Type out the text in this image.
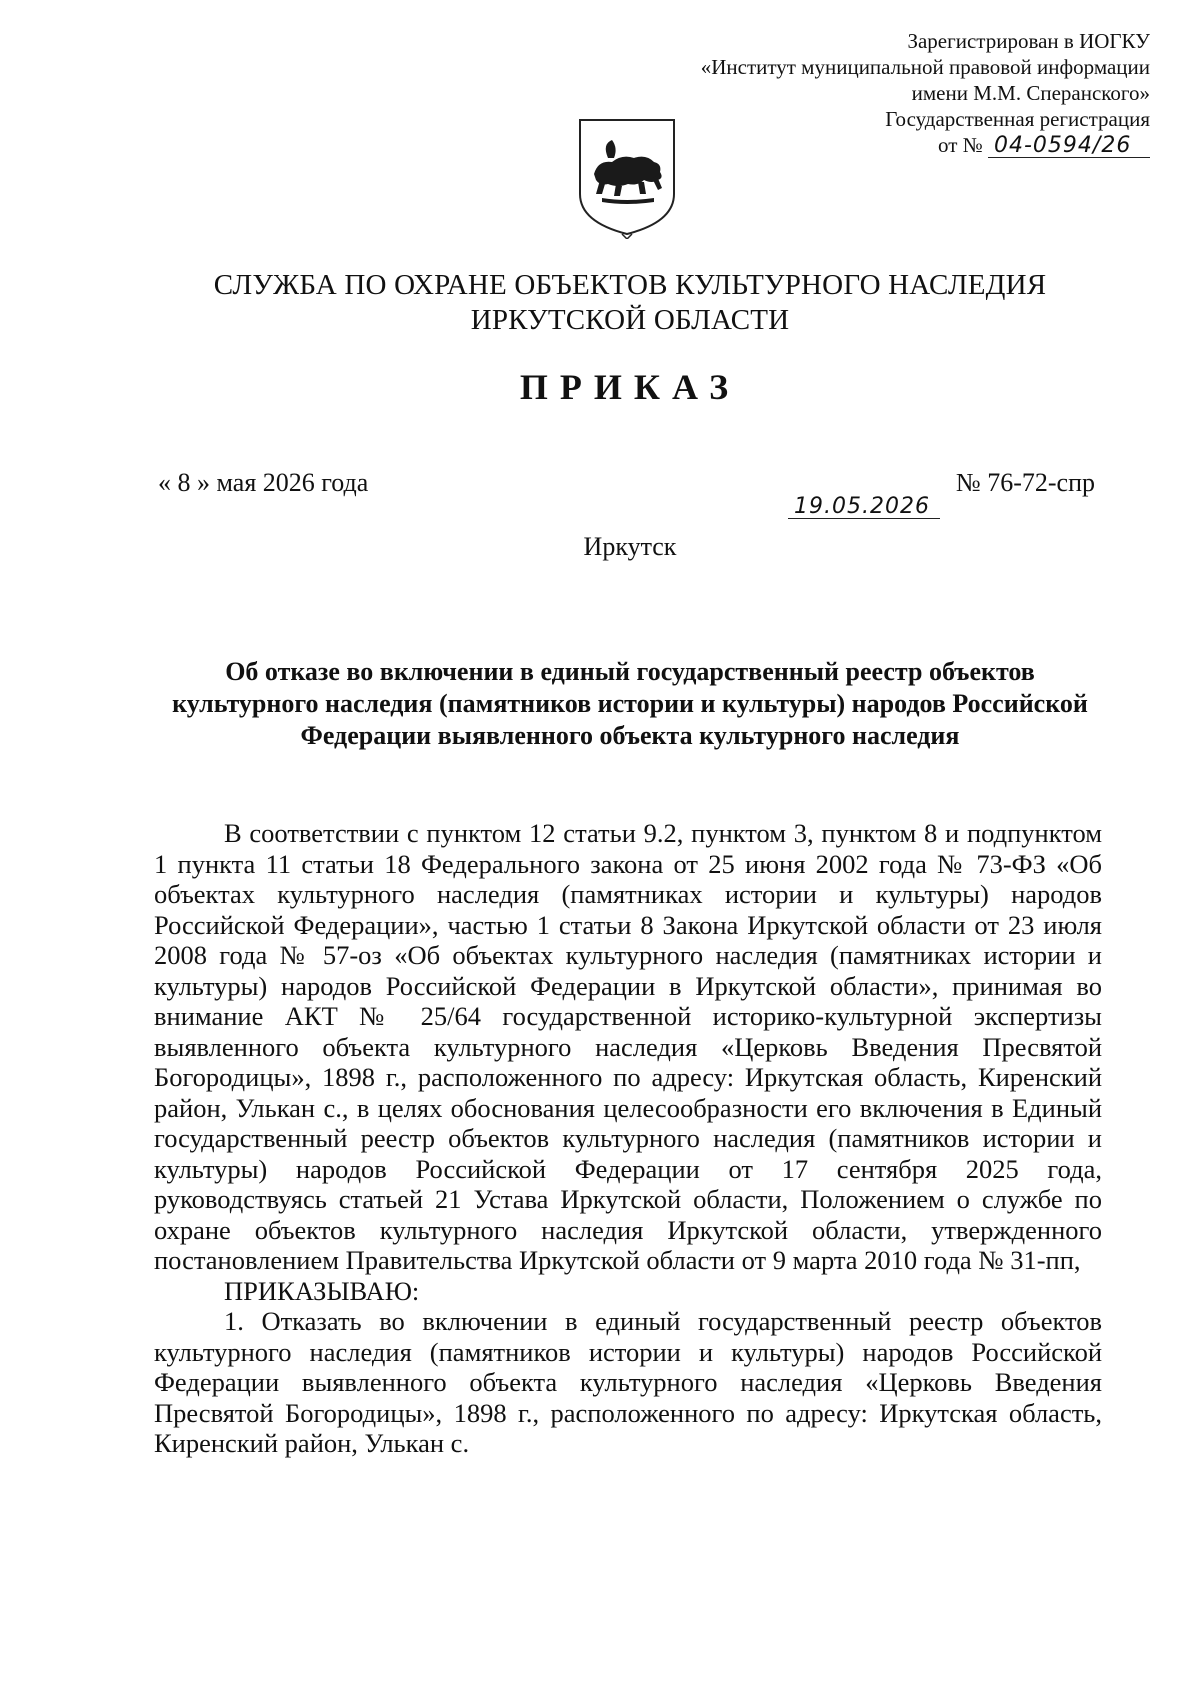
Зарегистрирован в ИОГКУ
«Институт муниципальной правовой информации
имени М.М. Сперанского»
Государственная регистрация
от
19.05.2026
№ 04-0594/26
СЛУЖБА ПО ОХРАНЕ ОБЪЕКТОВ КУЛЬТУРНОГО НАСЛЕДИЯ
ИРКУТСКОЙ ОБЛАСТИ
ПРИКАЗ
« 8 » мая 2026 года	№ 76-72-спр
Иркутск
Об отказе во включении в единый государственный реестр объектов культурного наследия (памятников истории и культуры) народов Российской Федерации выявленного объекта культурного наследия

В соответствии с пунктом 12 статьи 9.2, пунктом 3, пунктом 8 и подпунктом 1 пункта 11 статьи 18 Федерального закона от 25 июня 2002 года № 73-ФЗ «Об объектах культурного наследия (памятниках истории и культуры) народов Российской Федерации», частью 1 статьи 8 Закона Иркутской области от 23 июля 2008 года № 57-оз «Об объектах культурного наследия (памятниках истории и культуры) народов Российской Федерации в Иркутской области», принимая во внимание АКТ № 25/64 государственной историко-культурной экспертизы выявленного объекта культурного наследия «Церковь Введения Пресвятой Богородицы», 1898 г., расположенного по адресу: Иркутская область, Киренский район, Улькан с., в целях обоснования целесообразности его включения в Единый государственный реестр объектов культурного наследия (памятников истории и культуры) народов Российской Федерации от 17 сентября 2025 года, руководствуясь статьей 21 Устава Иркутской области, Положением о службе по охране объектов культурного наследия Иркутской области, утвержденного постановлением Правительства Иркутской области от 9 марта 2010 года № 31-пп,

ПРИКАЗЫВАЮ:

1. Отказать во включении в единый государственный реестр объектов культурного наследия (памятников истории и культуры) народов Российской Федерации выявленного объекта культурного наследия «Церковь Введения Пресвятой Богородицы», 1898 г., расположенного по адресу: Иркутская область, Киренский район, Улькан с.
